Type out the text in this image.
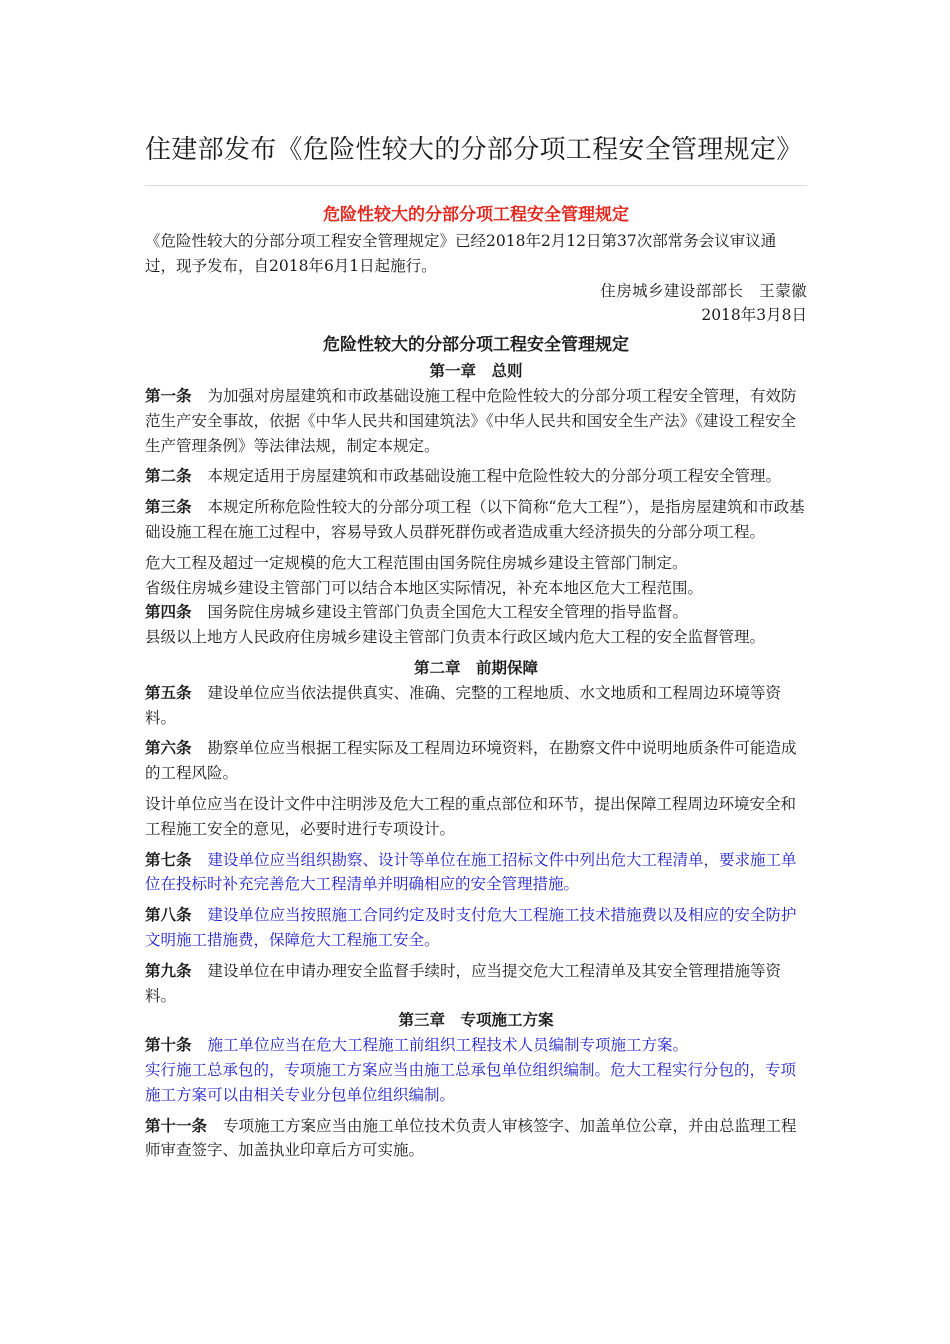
住建部发布《危险性较大的分部分项工程安全管理规定》
危险性较大的分部分项工程安全管理规定

《危险性较大的分部分项工程安全管理规定》已经2018年2月12日第37次部常务会议审议通过，现予发布，自2018年6月1日起施行。

住房城乡建设部部长　王蒙徽

2018年3月8日

危险性较大的分部分项工程安全管理规定
第一章　总则

第一条 为加强对房屋建筑和市政基础设施工程中危险性较大的分部分项工程安全管理，有效防范生产安全事故，依据《中华人民共和国建筑法》《中华人民共和国安全生产法》《建设工程安全生产管理条例》等法律法规，制定本规定。

第二条 本规定适用于房屋建筑和市政基础设施工程中危险性较大的分部分项工程安全管理。

第三条 本规定所称危险性较大的分部分项工程（以下简称“危大工程”），是指房屋建筑和市政基础设施工程在施工过程中，容易导致人员群死群伤或者造成重大经济损失的分部分项工程。

危大工程及超过一定规模的危大工程范围由国务院住房城乡建设主管部门制定。

省级住房城乡建设主管部门可以结合本地区实际情况，补充本地区危大工程范围。

第四条 国务院住房城乡建设主管部门负责全国危大工程安全管理的指导监督。

县级以上地方人民政府住房城乡建设主管部门负责本行政区域内危大工程的安全监督管理。

第二章　前期保障

第五条 建设单位应当依法提供真实、准确、完整的工程地质、水文地质和工程周边环境等资料。

第六条 勘察单位应当根据工程实际及工程周边环境资料，在勘察文件中说明地质条件可能造成的工程风险。

设计单位应当在设计文件中注明涉及危大工程的重点部位和环节，提出保障工程周边环境安全和工程施工安全的意见，必要时进行专项设计。

第七条 建设单位应当组织勘察、设计等单位在施工招标文件中列出危大工程清单，要求施工单位在投标时补充完善危大工程清单并明确相应的安全管理措施。

第八条 建设单位应当按照施工合同约定及时支付危大工程施工技术措施费以及相应的安全防护文明施工措施费，保障危大工程施工安全。

第九条 建设单位在申请办理安全监督手续时，应当提交危大工程清单及其安全管理措施等资料。

第三章　专项施工方案

第十条 施工单位应当在危大工程施工前组织工程技术人员编制专项施工方案。

实行施工总承包的，专项施工方案应当由施工总承包单位组织编制。危大工程实行分包的，专项施工方案可以由相关专业分包单位组织编制。

第十一条 专项施工方案应当由施工单位技术负责人审核签字、加盖单位公章，并由总监理工程师审查签字、加盖执业印章后方可实施。
